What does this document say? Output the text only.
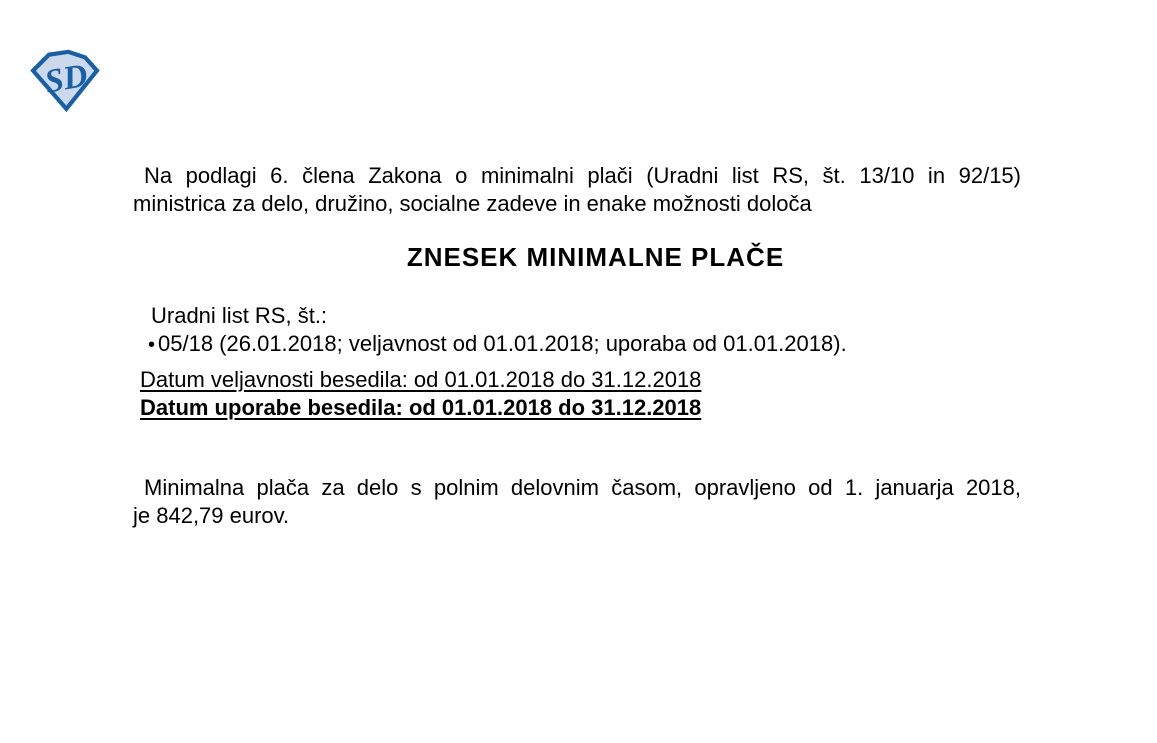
SD
Na podlagi 6. člena Zakona o minimalni plači (Uradni list RS, št. 13/10 in 92/15)
ministrica za delo, družino, socialne zadeve in enake možnosti določa
ZNESEK MINIMALNE PLAČE
Uradni list RS, št.:
• 05/18 (26.01.2018; veljavnost od 01.01.2018; uporaba od 01.01.2018).
Datum veljavnosti besedila: od 01.01.2018 do 31.12.2018
Datum uporabe besedila: od 01.01.2018 do 31.12.2018
Minimalna plača za delo s polnim delovnim časom, opravljeno od 1. januarja 2018,
je 842,79 eurov.
